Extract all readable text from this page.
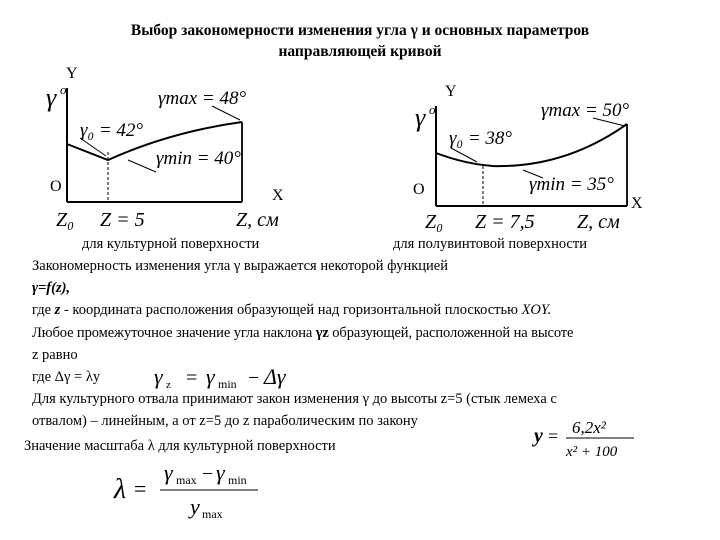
Выбор закономерности изменения угла γ и основных параметров
направляющей кривой
Y
γ o	γmax = 48°
γ₀ = 42°
γmin = 40°
O
X
Z₀ Z = 5	Z, см
Y
γ o	γmax = 50°
γ₀ = 38°
γmin = 35°
O
X
Z₀ Z = 7,5 Z, см
для культурной поверхности	для полувинтовой поверхности
Закономерность изменения угла γ выражается некоторой функцией
γ=f(z),
где z - координата расположения образующей над горизонтальной плоскостью XOY.
Любое промежуточное значение угла наклона γz образующей, расположенной на высоте
z равно
где Δγ = λy
Для культурного отвала принимают закон изменения γ до высоты z=5 (стык лемеха с
отвалом) – линейным, а от z=5 до z параболическим по закону
Значение масштаба λ для культурной поверхности
γ z = γ min − Δγ
y = 6,2x²
x² + 100
λ =
γ max − γ min
y max
